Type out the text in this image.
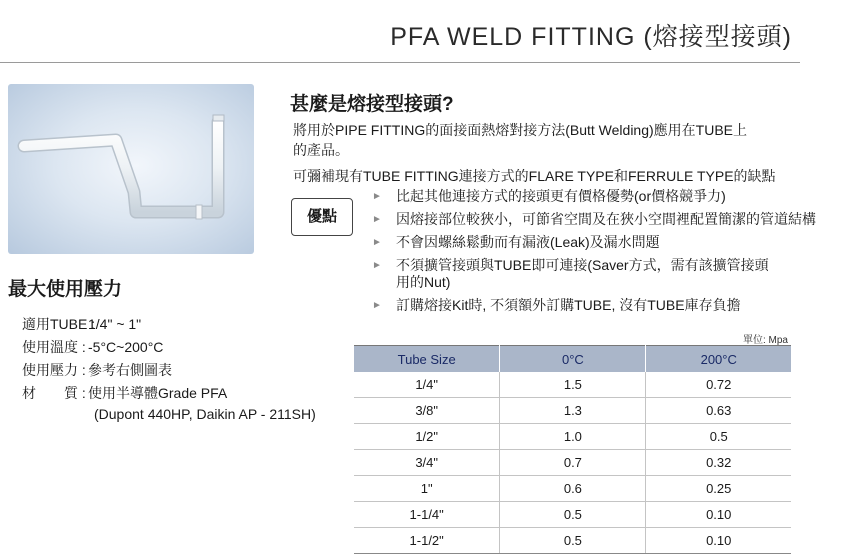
PFA WELD FITTING (熔接型接頭)
最大使用壓力
適用TUBE :1/4" ~ 1"
使用溫度 : -5°C~200°C
使用壓力 : 參考右側圖表
材　　質 : 使用半導體Grade PFA
(Dupont 440HP, Daikin AP - 211SH)
甚麼是熔接型接頭?
將用於PIPE FITTING的面接面熱熔對接方法(Butt Welding)應用在TUBE上
的產品。
可彌補現有TUBE FITTING連接方式的FLARE TYPE和FERRULE TYPE的缺點
優點
► 比起其他連接方式的接頭更有價格優勢(or價格競爭力)
► 因熔接部位較狹小，可節省空間及在狹小空間裡配置簡潔的管道結構
► 不會因螺絲鬆動而有漏液(Leak)及漏水問題
► 不須擴管接頭與TUBE即可連接(Saver方式，需有該擴管接頭用的Nut)
► 訂購熔接Kit時, 不須額外訂購TUBE, 沒有TUBE庫存負擔
單位: Mpa
Tube Size	0°C	200°C
1/4"	1.5	0.72
3/8"	1.3	0.63
1/2"	1.0	0.5
3/4"	0.7	0.32
1"	0.6	0.25
1-1/4"	0.5	0.10
1-1/2"	0.5	0.10
